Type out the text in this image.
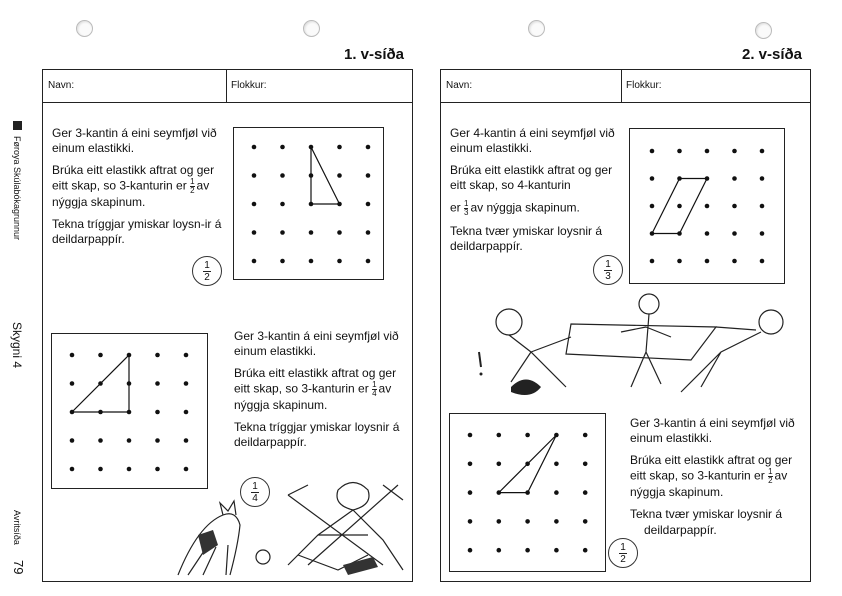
Føroya Skúlabókagrunnur
Skygni 4
Avritsíða
79
1. v-síða
Navn:	Flokkur:

Ger 3-kantin á eini seymfjøl við einum elastikki.

Brúka eitt elastikk aftrat og ger eitt skap, so 3-kanturin er $\frac{1}{2}$ av nýggja skapinum.

Tekna tríggjar ymiskar loysn-ir á deildarpappír.

1
2

Ger 3-kantin á eini seymfjøl við einum elastikki.

Brúka eitt elastikk aftrat og ger eitt skap, so 3-kanturin er $\frac{1}{4}$ av nýggja skapinum.

Tekna tríggjar ymiskar loysnir á deildarpappír.

1
4
2. v-síða
Navn:	Flokkur:

Ger 4-kantin á eini seymfjøl við einum elastikki.

Brúka eitt elastikk aftrat og ger eitt skap, so 4-kanturin

er $\frac{1}{3}$ av nýggja skapinum.

Tekna tvær ymiskar loysnir á deildarpappír.

1
3

Ger 3-kantin á eini seymfjøl við einum elastikki.

Brúka eitt elastikk aftrat og ger eitt skap, so 3-kanturin er $\frac{1}{2}$ av nýggja skapinum.

Tekna tvær ymiskar loysnir á

deildarpappír.

1
2
